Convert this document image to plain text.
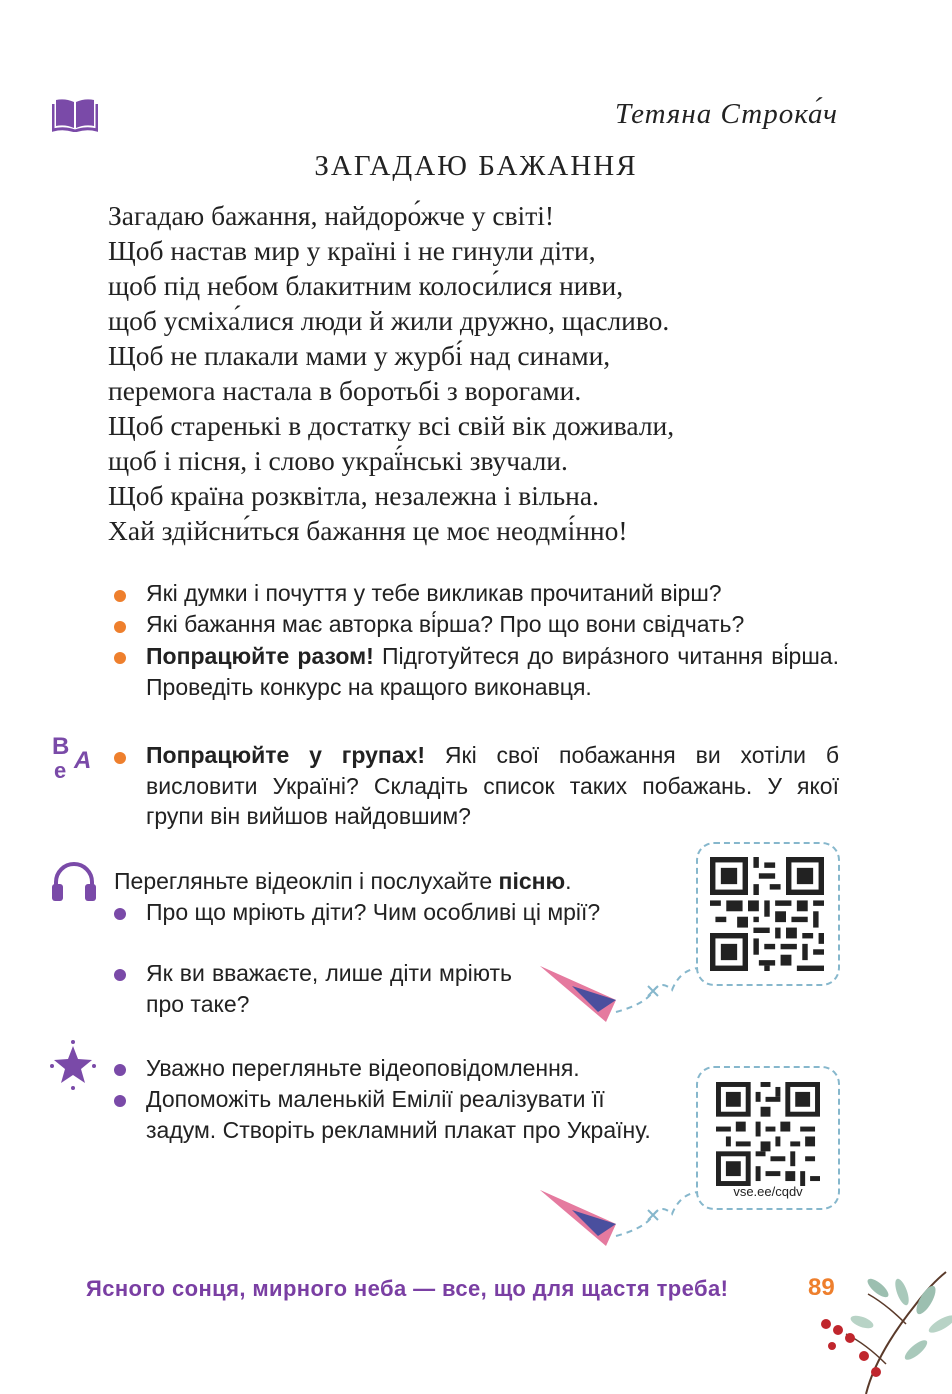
Тетяна Строка́ч
ЗАГАДАЮ БАЖАННЯ
Загадаю бажання, найдоро́жче у світі!
Щоб настав мир у країні і не гинули діти,
щоб під небом блакитним колоси́лися ниви,
щоб усміха́лися люди й жили дружно, щасливо.
Щоб не плакали мами у журбі́ над синами,
перемога настала в боротьбі з ворогами.
Щоб старенькі в достатку всі свій вік доживали,
щоб і пісня, і слово украї́нські звучали.
Щоб країна розквітла, незалежна і вільна.
Хай здійсни́ться бажання це моє неодмі́нно!
Які думки і почуття у тебе викликав прочитаний вірш?
Які бажання має авторка ві́рша? Про що вони свідчать?
Попрацюйте разом! Підготуйтеся до вира́зного читання ві́рша. Проведіть конкурс на кращого виконавця.
В
е А Попрацюйте у групах! Які свої побажання ви хотіли б висловити Україні? Складіть список таких побажань. У якої групи він вийшов найдовшим?
Перегляньте відеокліп і послухайте пісню.
Про що мріють діти? Чим особливі ці мрії?
Як ви вважаєте, лише діти мріють про таке?
Уважно перегляньте відеоповідомлення.
Допоможіть маленькій Емілії реалізувати її задум. Створіть рекламний плакат про Україну.
vse.ee/cqdv
Ясного сонця, мирного неба — все, що для щастя треба!	89
